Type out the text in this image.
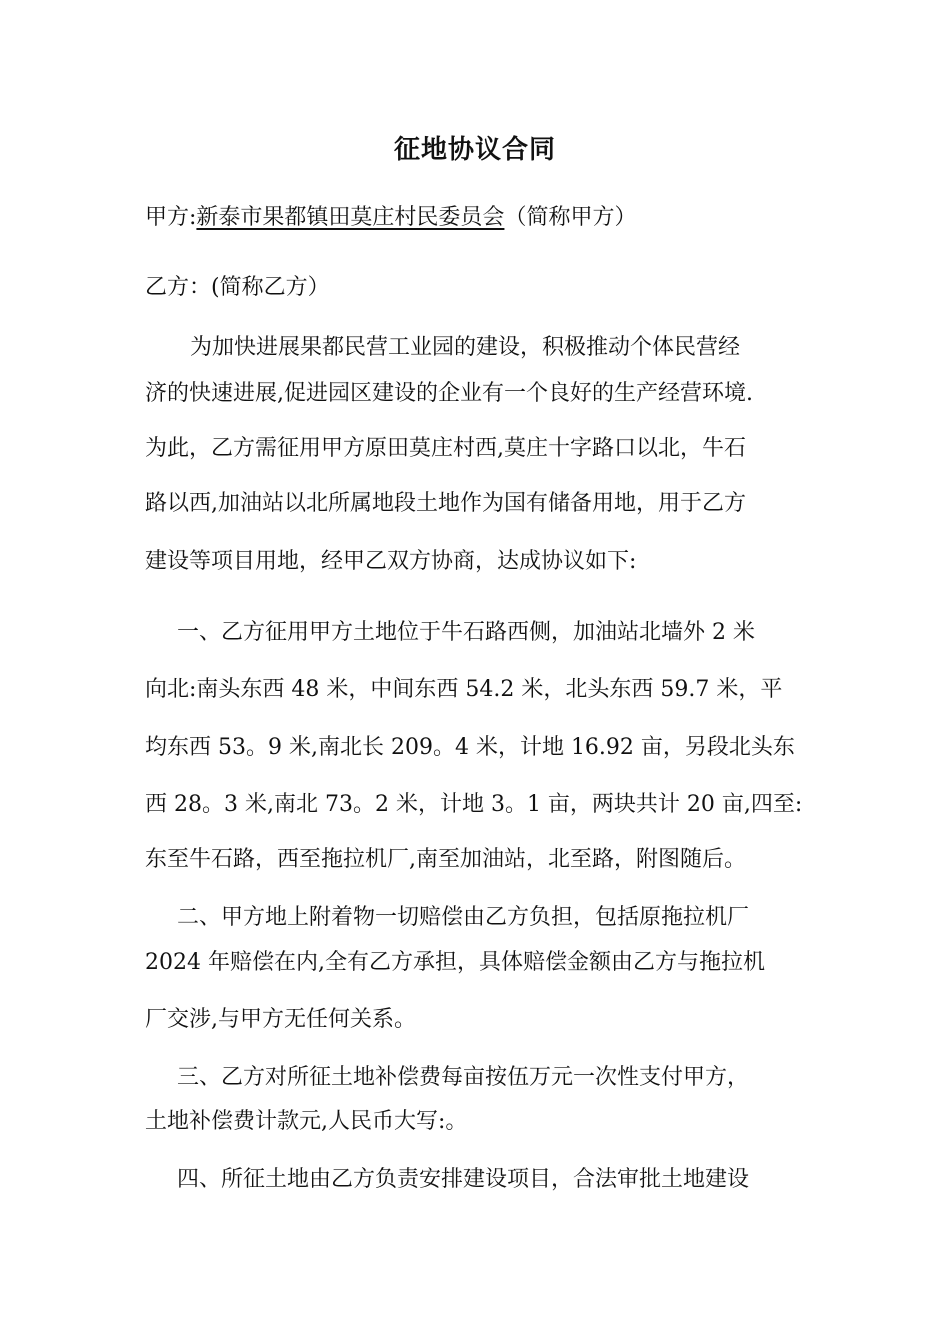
征地协议合同
甲方:新泰市果都镇田莫庄村民委员会（简称甲方）
乙方：(简称乙方）
为加快进展果都民营工业园的建设，积极推动个体民营经
济的快速进展,促进园区建设的企业有一个良好的生产经营环境.
为此，乙方需征用甲方原田莫庄村西,莫庄十字路口以北，牛石
路以西,加油站以北所属地段土地作为国有储备用地，用于乙方
建设等项目用地，经甲乙双方协商，达成协议如下:
一、乙方征用甲方土地位于牛石路西侧，加油站北墙外 2 米
向北:南头东西 48 米，中间东西 54.2 米，北头东西 59.7 米，平
均东西 53。9 米,南北长 209。4 米，计地 16.92 亩，另段北头东
西 28。3 米,南北 73。2 米，计地 3。1 亩，两块共计 20 亩,四至:
东至牛石路，西至拖拉机厂,南至加油站，北至路，附图随后。
二、甲方地上附着物一切赔偿由乙方负担，包括原拖拉机厂
2024 年赔偿在内,全有乙方承担，具体赔偿金额由乙方与拖拉机
厂交涉,与甲方无任何关系。
三、乙方对所征土地补偿费每亩按伍万元一次性支付甲方，
土地补偿费计款元,人民币大写:。
四、所征土地由乙方负责安排建设项目，合法审批土地建设
